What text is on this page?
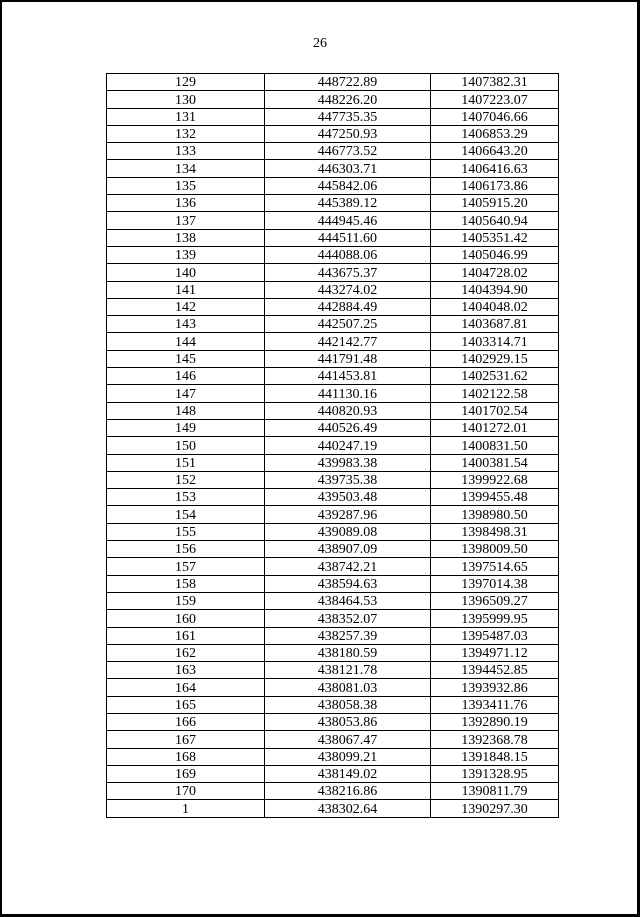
26
129	448722.89	1407382.31
130	448226.20	1407223.07
131	447735.35	1407046.66
132	447250.93	1406853.29
133	446773.52	1406643.20
134	446303.71	1406416.63
135	445842.06	1406173.86
136	445389.12	1405915.20
137	444945.46	1405640.94
138	444511.60	1405351.42
139	444088.06	1405046.99
140	443675.37	1404728.02
141	443274.02	1404394.90
142	442884.49	1404048.02
143	442507.25	1403687.81
144	442142.77	1403314.71
145	441791.48	1402929.15
146	441453.81	1402531.62
147	441130.16	1402122.58
148	440820.93	1401702.54
149	440526.49	1401272.01
150	440247.19	1400831.50
151	439983.38	1400381.54
152	439735.38	1399922.68
153	439503.48	1399455.48
154	439287.96	1398980.50
155	439089.08	1398498.31
156	438907.09	1398009.50
157	438742.21	1397514.65
158	438594.63	1397014.38
159	438464.53	1396509.27
160	438352.07	1395999.95
161	438257.39	1395487.03
162	438180.59	1394971.12
163	438121.78	1394452.85
164	438081.03	1393932.86
165	438058.38	1393411.76
166	438053.86	1392890.19
167	438067.47	1392368.78
168	438099.21	1391848.15
169	438149.02	1391328.95
170	438216.86	1390811.79
1	438302.64	1390297.30
